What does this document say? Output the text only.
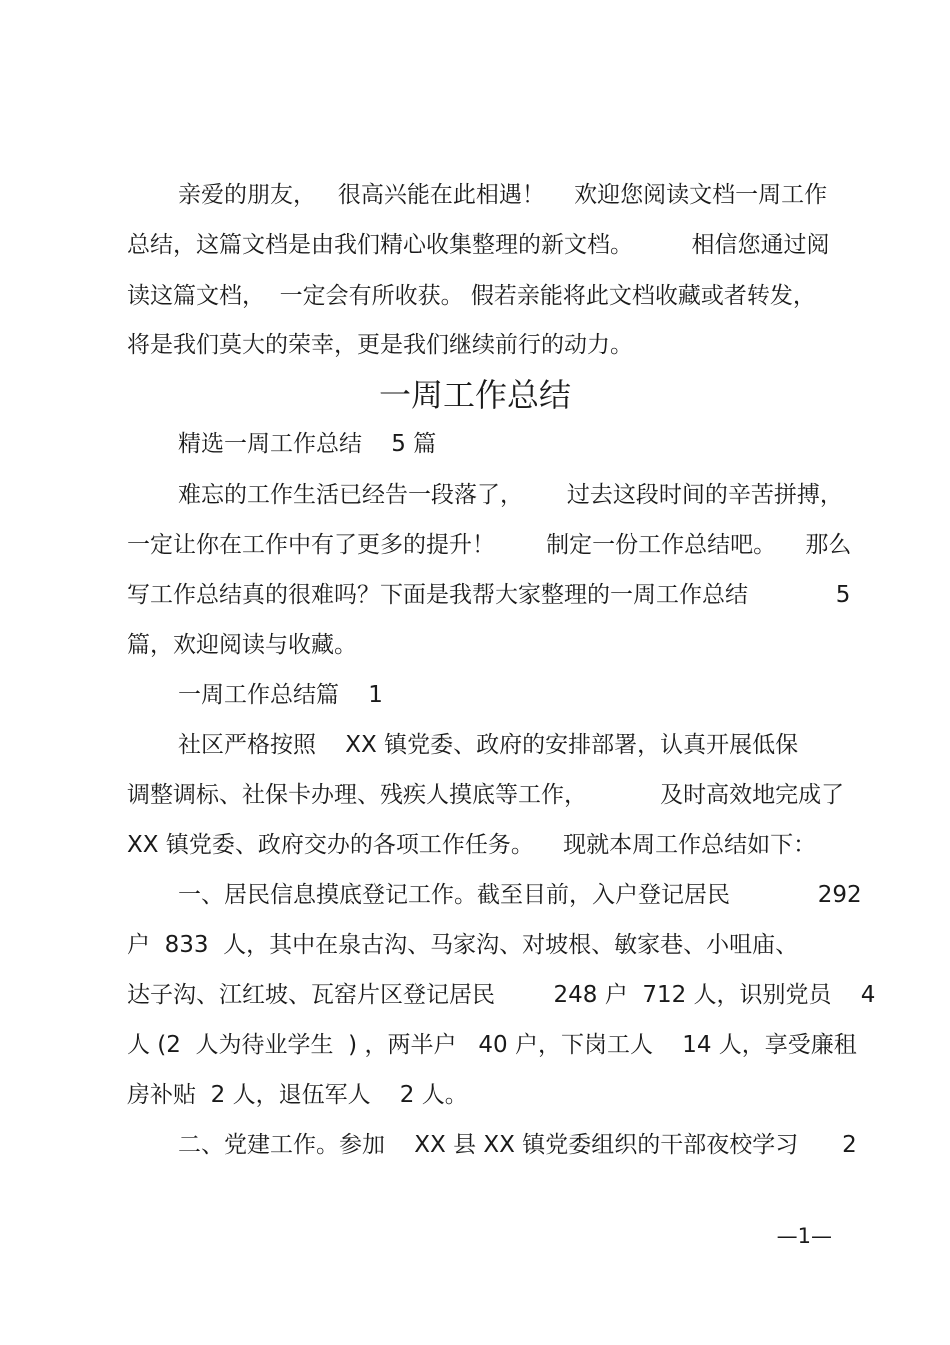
亲爱的朋友，   很高兴能在此相遇！    欢迎您阅读文档一周工作
总结，这篇文档是由我们精心收集整理的新文档。        相信您通过阅
读这篇文档，  一定会有所收获。 假若亲能将此文档收藏或者转发，
将是我们莫大的荣幸，更是我们继续前行的动力。
一周工作总结
精选一周工作总结    5 篇
难忘的工作生活已经告一段落了，      过去这段时间的辛苦拼搏，
一定让你在工作中有了更多的提升！       制定一份工作总结吧。    那么
写工作总结真的很难吗？下面是我帮大家整理的一周工作总结            5
篇，欢迎阅读与收藏。
一周工作总结篇    1
社区严格按照    XX 镇党委、政府的安排部署，认真开展低保
调整调标、社保卡办理、残疾人摸底等工作，          及时高效地完成了
XX 镇党委、政府交办的各项工作任务。    现就本周工作总结如下：
一、居民信息摸底登记工作。截至目前，入户登记居民            292
户  833  人，其中在泉古沟、马家沟、对坡根、敏家巷、小咀庙、
达子沟、江红坡、瓦窑片区登记居民        248 户  712 人，识别党员    4
人 (2  人为待业学生  ) ，两半户   40 户，下岗工人    14 人，享受廉租
房补贴  2 人，退伍军人    2 人。
二、党建工作。参加    XX 县 XX 镇党委组织的干部夜校学习      2
—1—
